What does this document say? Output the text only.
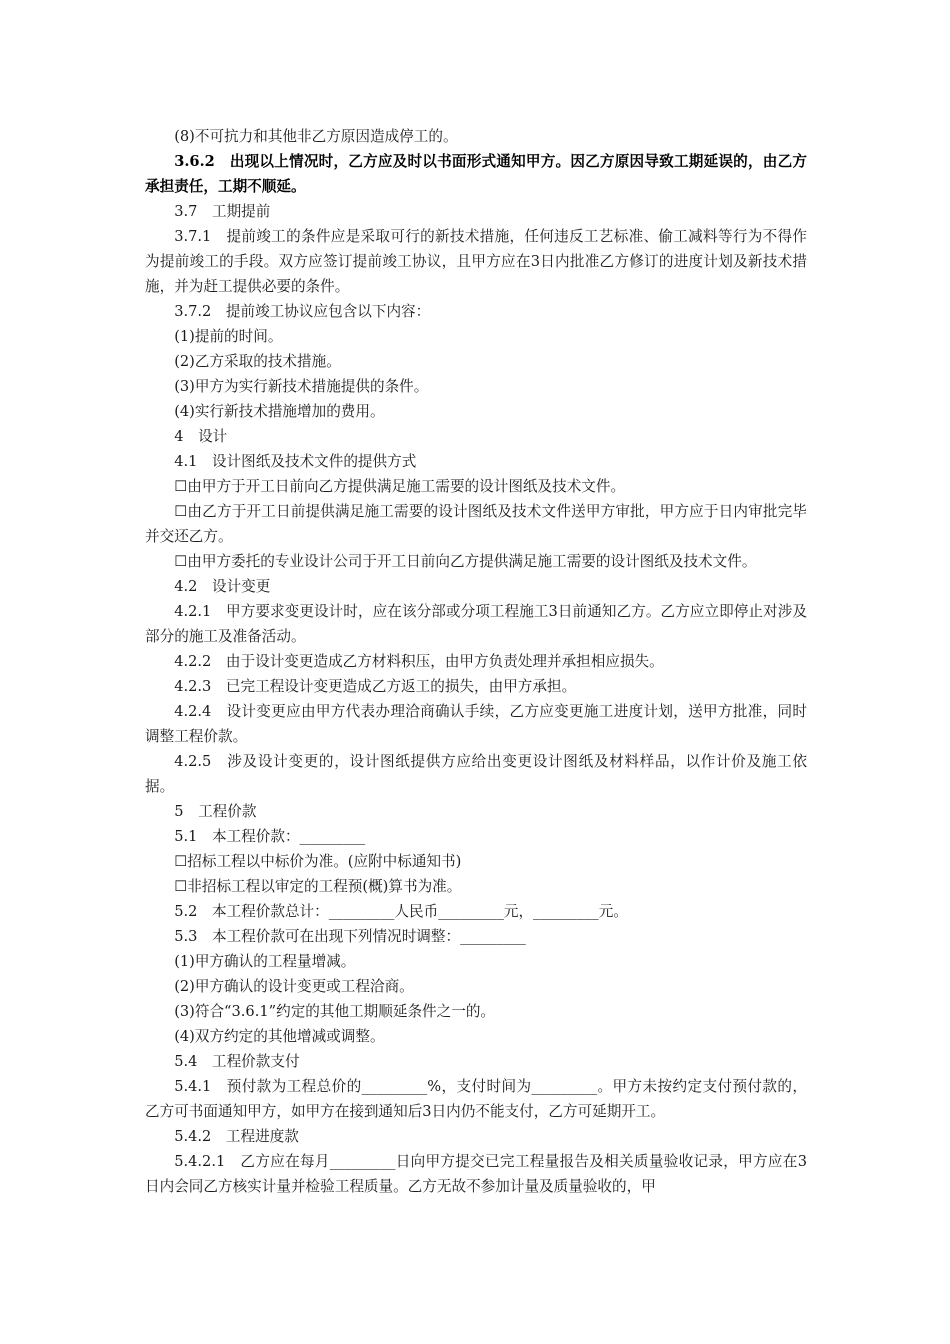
(8)不可抗力和其他非乙方原因造成停工的。

3.6.2　出现以上情况时，乙方应及时以书面形式通知甲方。因乙方原因导致工期延误的，由乙方承担责任，工期不顺延。

3.7　工期提前

3.7.1　提前竣工的条件应是采取可行的新技术措施，任何违反工艺标准、偷工减料等行为不得作为提前竣工的手段。双方应签订提前竣工协议，且甲方应在3日内批准乙方修订的进度计划及新技术措施，并为赶工提供必要的条件。

3.7.2　提前竣工协议应包含以下内容：

(1)提前的时间。

(2)乙方采取的技术措施。

(3)甲方为实行新技术措施提供的条件。

(4)实行新技术措施增加的费用。

4　设计

4.1　设计图纸及技术文件的提供方式

☐由甲方于开工日前向乙方提供满足施工需要的设计图纸及技术文件。

☐由乙方于开工日前提供满足施工需要的设计图纸及技术文件送甲方审批，甲方应于日内审批完毕并交还乙方。

☐由甲方委托的专业设计公司于开工日前向乙方提供满足施工需要的设计图纸及技术文件。

4.2　设计变更

4.2.1　甲方要求变更设计时，应在该分部或分项工程施工3日前通知乙方。乙方应立即停止对涉及部分的施工及准备活动。

4.2.2　由于设计变更造成乙方材料积压，由甲方负责处理并承担相应损失。

4.2.3　已完工程设计变更造成乙方返工的损失，由甲方承担。

4.2.4　设计变更应由甲方代表办理洽商确认手续，乙方应变更施工进度计划，送甲方批准，同时调整工程价款。

4.2.5　涉及设计变更的，设计图纸提供方应给出变更设计图纸及材料样品，以作计价及施工依据。

5　工程价款

5.1　本工程价款：_________

☐招标工程以中标价为准。(应附中标通知书)

☐非招标工程以审定的工程预(概)算书为准。

5.2　本工程价款总计：_________人民币_________元，_________元。

5.3　本工程价款可在出现下列情况时调整：_________

(1)甲方确认的工程量增减。

(2)甲方确认的设计变更或工程洽商。

(3)符合“3.6.1”约定的其他工期顺延条件之一的。

(4)双方约定的其他增减或调整。

5.4　工程价款支付

5.4.1　预付款为工程总价的_________%，支付时间为_________。甲方未按约定支付预付款的，乙方可书面通知甲方，如甲方在接到通知后3日内仍不能支付，乙方可延期开工。

5.4.2　工程进度款

5.4.2.1　乙方应在每月_________日向甲方提交已完工程量报告及相关质量验收记录，甲方应在3日内会同乙方核实计量并检验工程质量。乙方无故不参加计量及质量验收的，甲
